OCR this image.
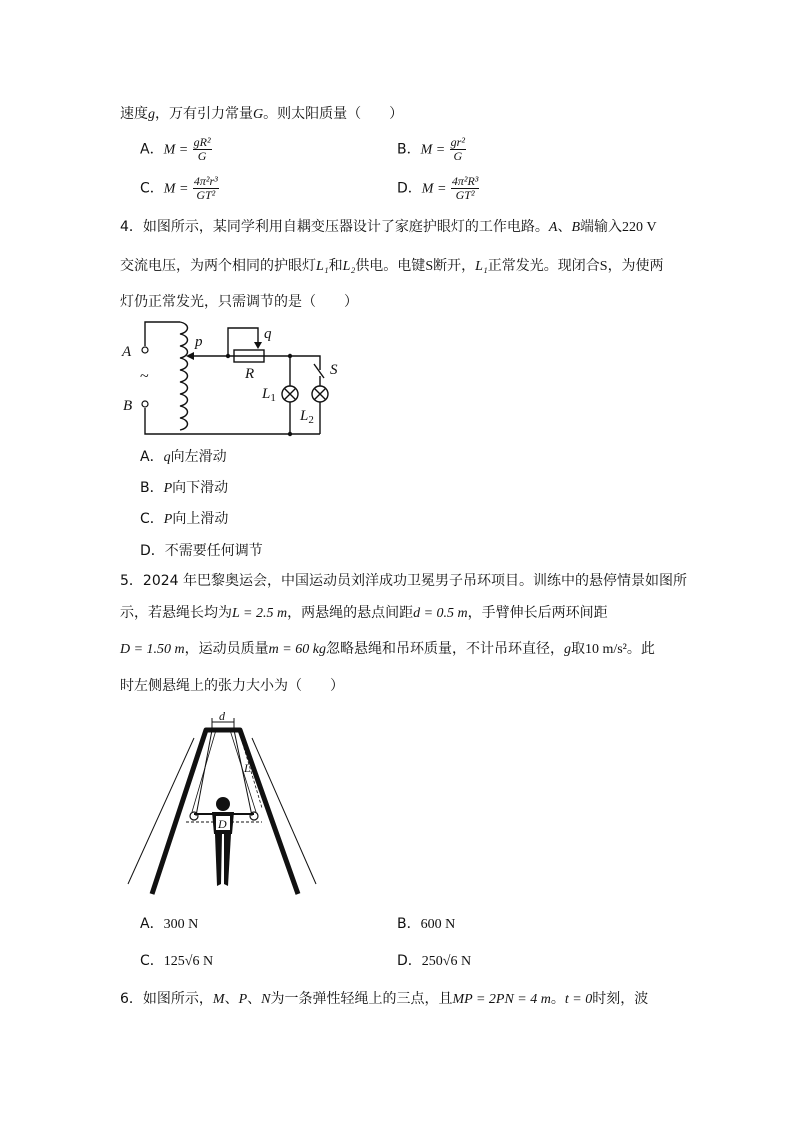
速度g，万有引力常量G。则太阳质量（　　）
A．$M = \frac{\text{gR²}}{G}$	B．$M = \frac{\text{gr²}}{G}$
C．$M = \frac{\text{4π²r³}}{\text{GT²}}$	D．$M = \frac{\text{4π²R³}}{\text{GT²}}$
4．如图所示，某同学利用自耦变压器设计了家庭护眼灯的工作电路。A、B端输入220 V
交流电压，为两个相同的护眼灯L₁和L₂供电。电键S断开，L₁正常发光。现闭合S，为使两
灯仍正常发光，只需调节的是（　　）
A
B
p	q
R	S
$L_1$
$L_2$
~
A．q向左滑动
B．P向下滑动
C．P向上滑动
D．不需要任何调节
5．2024 年巴黎奥运会，中国运动员刘洋成功卫冕男子吊环项目。训练中的悬停情景如图所
示，若悬绳长均为L = 2.5 m，两悬绳的悬点间距d = 0.5 m，手臂伸长后两环间距
D = 1.50 m，运动员质量m = 60 kg忽略悬绳和吊环质量，不计吊环直径，g取10 m/s²。此
时左侧悬绳上的张力大小为（　　）
d
L
D
A．300 N	B．600 N
C．125√6 N	D．250√6 N
6．如图所示，M、P、N为一条弹性轻绳上的三点，且MP = 2PN = 4 m。t = 0时刻，波
